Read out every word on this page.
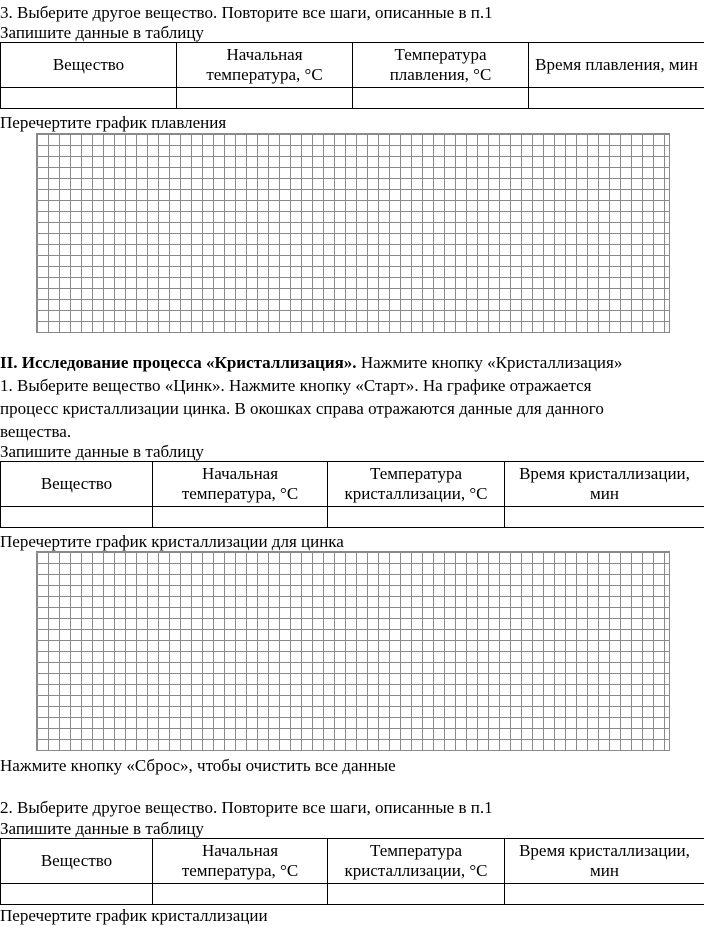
3. Выберите другое вещество. Повторите все шаги, описанные в п.1
Запишите данные в таблицу
Вещество	Начальная температура, °С	Температура плавления, °С	Время плавления, мин

Перечертите график плавления
II. Исследование процесса «Кристаллизация». Нажмите кнопку «Кристаллизация»
1. Выберите вещество «Цинк». Нажмите кнопку «Старт». На графике отражается
процесс кристаллизации цинка. В окошках справа отражаются данные для данного
вещества.
Запишите данные в таблицу
Вещество	Начальная температура, °С	Температура кристаллизации, °С	Время кристаллизации, мин

Перечертите график кристаллизации для цинка
Нажмите кнопку «Сброс», чтобы очистить все данные
2. Выберите другое вещество. Повторите все шаги, описанные в п.1
Запишите данные в таблицу
Вещество	Начальная температура, °С	Температура кристаллизации, °С	Время кристаллизации, мин

Перечертите график кристаллизации
